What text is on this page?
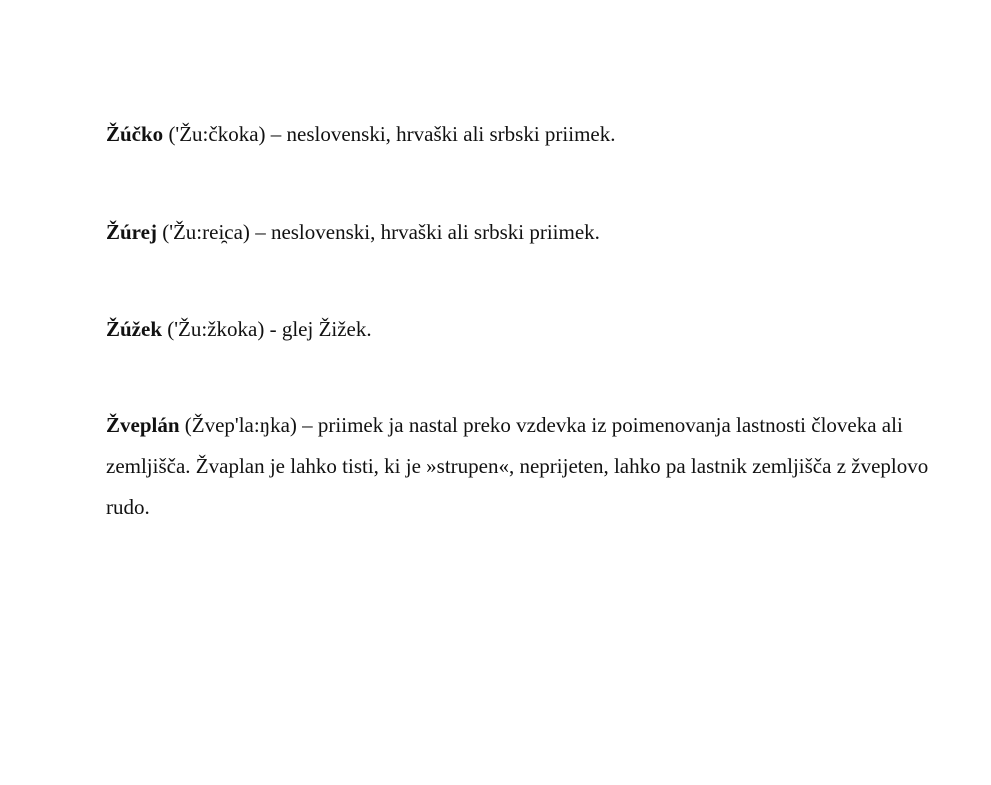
Žúčko ('Žu:čkoka) – neslovenski, hrvaški ali srbski priimek.

Žúrej ('Žu:rei̯ca) – neslovenski, hrvaški ali srbski priimek.

Žúžek ('Žu:žkoka) - glej Žižek.

Žveplán (Žvep'la:ŋka) – priimek ja nastal preko vzdevka iz poimenovanja lastnosti človeka ali zemljišča. Žvaplan je lahko tisti, ki je »strupen«, neprijeten, lahko pa lastnik zemljišča z žveplovo rudo.
